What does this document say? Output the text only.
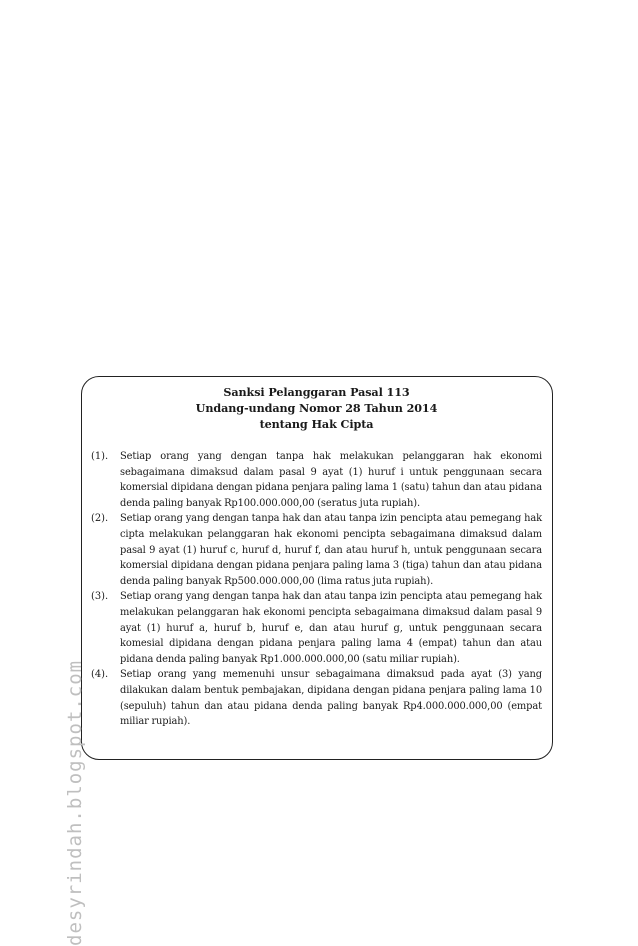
Sanksi Pelanggaran Pasal 113
Undang-undang Nomor 28 Tahun 2014
tentang Hak Cipta
(1).	Setiap orang yang dengan tanpa hak melakukan pelanggaran hak ekonomi sebagaimana dimaksud dalam pasal 9 ayat (1) huruf i untuk penggunaan secara komersial dipidana dengan pidana penjara paling lama 1 (satu) tahun dan atau pidana denda paling banyak Rp100.000.000,00 (seratus juta rupiah).
(2).	Setiap orang yang dengan tanpa hak dan atau tanpa izin pencipta atau pemegang hak cipta melakukan pelanggaran hak ekonomi pencipta sebagaimana dimaksud dalam pasal 9 ayat (1) huruf c, huruf d, huruf f, dan atau huruf h, untuk penggunaan secara komersial dipidana dengan pidana penjara paling lama 3 (tiga) tahun dan atau pidana denda paling banyak Rp500.000.000,00 (lima ratus juta rupiah).
(3).	Setiap orang yang dengan tanpa hak dan atau tanpa izin pencipta atau pemegang hak melakukan pelanggaran hak ekonomi pencipta sebagaimana dimaksud dalam pasal 9 ayat (1) huruf a, huruf b, huruf e, dan atau huruf g, untuk penggunaan secara komesial dipidana dengan pidana penjara paling lama 4 (empat) tahun dan atau pidana denda paling banyak Rp1.000.000.000,00 (satu miliar rupiah).
(4).	Setiap orang yang memenuhi unsur sebagaimana dimaksud pada ayat (3) yang dilakukan dalam bentuk pembajakan, dipidana dengan pidana penjara paling lama 10 (sepuluh) tahun dan atau pidana denda paling banyak Rp4.000.000.000,00 (empat miliar rupiah).
desyrindah.blogspot.com
